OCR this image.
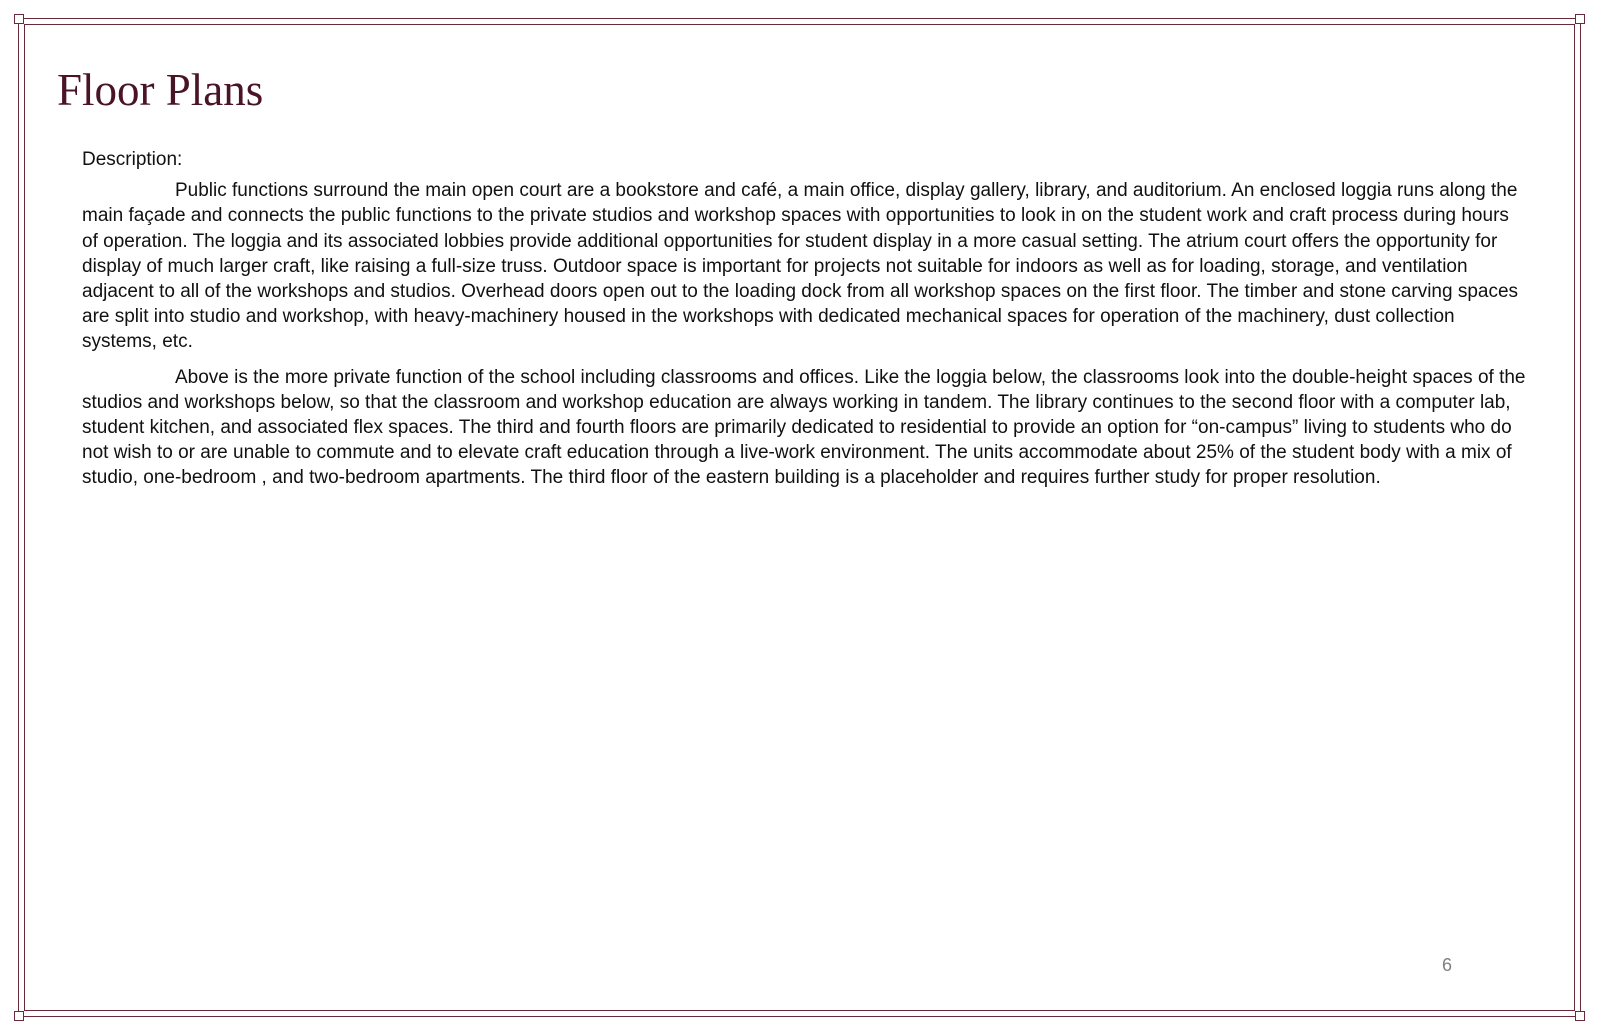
Floor Plans

Description:

Public functions surround the main open court are a bookstore and café, a main office, display gallery, library, and auditorium. An enclosed loggia runs along the main façade and connects the public functions to the private studios and workshop spaces with opportunities to look in on the student work and craft process during hours of operation. The loggia and its associated lobbies provide additional opportunities for student display in a more casual setting. The atrium court offers the opportunity for display of much larger craft, like raising a full-size truss. Outdoor space is important for projects not suitable for indoors as well as for loading, storage, and ventilation adjacent to all of the workshops and studios. Overhead doors open out to the loading dock from all workshop spaces on the first floor. The timber and stone carving spaces are split into studio and workshop, with heavy-machinery housed in the workshops with dedicated mechanical spaces for operation of the machinery, dust collection systems, etc.

Above is the more private function of the school including classrooms and offices. Like the loggia below, the classrooms look into the double-height spaces of the studios and workshops below, so that the classroom and workshop education are always working in tandem. The library continues to the second floor with a computer lab, student kitchen, and associated flex spaces. The third and fourth floors are primarily dedicated to residential to provide an option for “on-campus” living to students who do not wish to or are unable to commute and to elevate craft education through a live-work environment. The units accommodate about 25% of the student body with a mix of studio, one-bedroom , and two-bedroom apartments. The third floor of the eastern building is a placeholder and requires further study for proper resolution.

6
